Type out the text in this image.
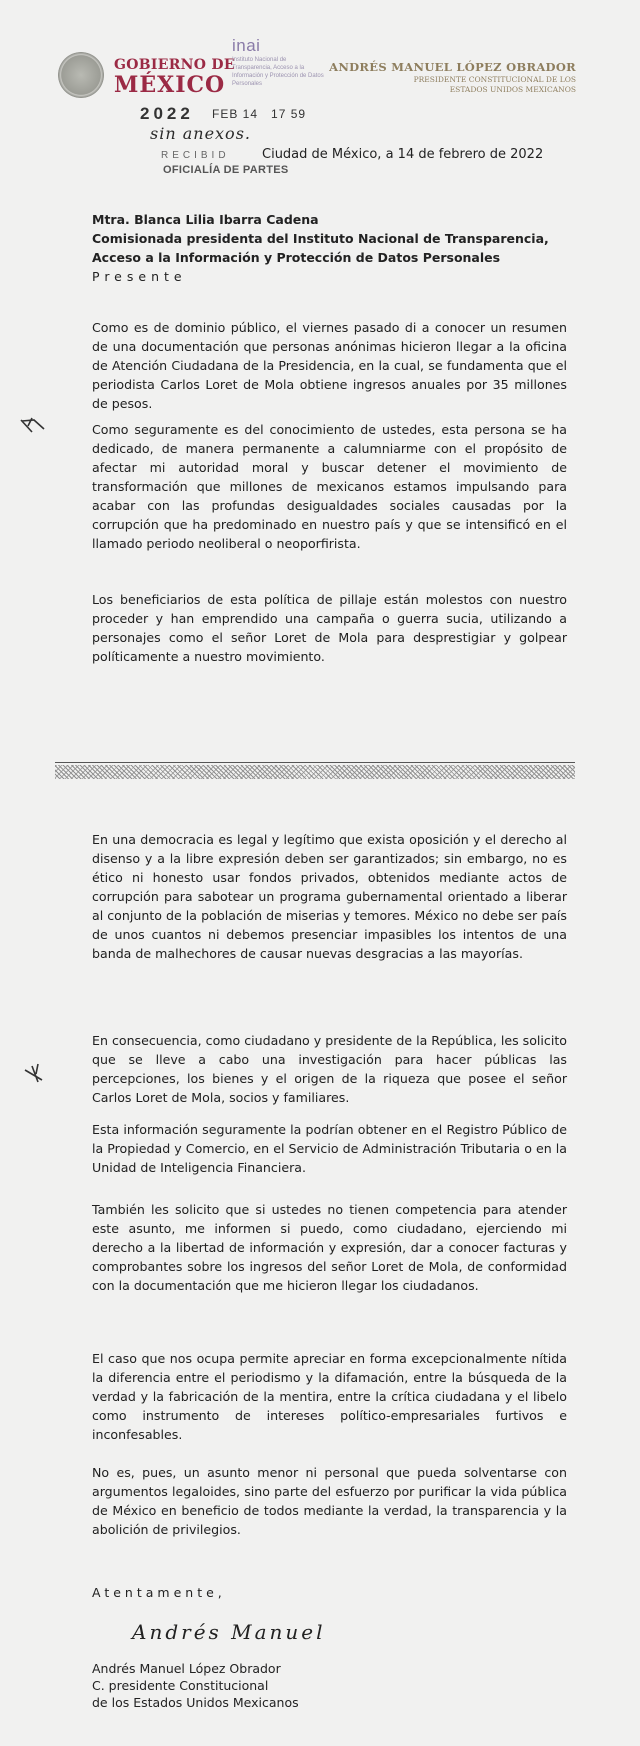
GOBIERNO DE
MÉXICO
inai
Instituto Nacional de Transparencia, Acceso a la Información y Protección de Datos Personales
ANDRÉS MANUEL LÓPEZ OBRADOR
PRESIDENTE CONSTITUCIONAL DE LOS
ESTADOS UNIDOS MEXICANOS
2022 FEB 14   17 59
sin anexos.
RECIBID
OFICIALÍA DE PARTES
Ciudad de México, a 14 de febrero de 2022
Mtra. Blanca Lilia Ibarra Cadena
Comisionada presidenta del Instituto Nacional de Transparencia,
Acceso a la Información y Protección de Datos Personales
Presente
Como es de dominio público, el viernes pasado di a conocer un resumen de una documentación que personas anónimas hicieron llegar a la oficina de Atención Ciudadana de la Presidencia, en la cual, se fundamenta que el periodista Carlos Loret de Mola obtiene ingresos anuales por 35 millones de pesos.
Como seguramente es del conocimiento de ustedes, esta persona se ha dedicado, de manera permanente a calumniarme con el propósito de afectar mi autoridad moral y buscar detener el movimiento de transformación que millones de mexicanos estamos impulsando para acabar con las profundas desigualdades sociales causadas por la corrupción que ha predominado en nuestro país y que se intensificó en el llamado periodo neoliberal o neoporfirista.
Los beneficiarios de esta política de pillaje están molestos con nuestro proceder y han emprendido una campaña o guerra sucia, utilizando a personajes como el señor Loret de Mola para desprestigiar y golpear políticamente a nuestro movimiento.
En una democracia es legal y legítimo que exista oposición y el derecho al disenso y a la libre expresión deben ser garantizados; sin embargo, no es ético ni honesto usar fondos privados, obtenidos mediante actos de corrupción para sabotear un programa gubernamental orientado a liberar al conjunto de la población de miserias y temores. México no debe ser país de unos cuantos ni debemos presenciar impasibles los intentos de una banda de malhechores de causar nuevas desgracias a las mayorías.
En consecuencia, como ciudadano y presidente de la República, les solicito que se lleve a cabo una investigación para hacer públicas las percepciones, los bienes y el origen de la riqueza que posee el señor Carlos Loret de Mola, socios y familiares.
Esta información seguramente la podrían obtener en el Registro Público de la Propiedad y Comercio, en el Servicio de Administración Tributaria o en la Unidad de Inteligencia Financiera.
También les solicito que si ustedes no tienen competencia para atender este asunto, me informen si puedo, como ciudadano, ejerciendo mi derecho a la libertad de información y expresión, dar a conocer facturas y comprobantes sobre los ingresos del señor Loret de Mola, de conformidad con la documentación que me hicieron llegar los ciudadanos.
El caso que nos ocupa permite apreciar en forma excepcionalmente nítida la diferencia entre el periodismo y la difamación, entre la búsqueda de la verdad y la fabricación de la mentira, entre la crítica ciudadana y el libelo como instrumento de intereses político-empresariales furtivos e inconfesables.
No es, pues, un asunto menor ni personal que pueda solventarse con argumentos legaloides, sino parte del esfuerzo por purificar la vida pública de México en beneficio de todos mediante la verdad, la transparencia y la abolición de privilegios.
Atentamente,
Andrés Manuel
Andrés Manuel López Obrador
C. presidente Constitucional
de los Estados Unidos Mexicanos
